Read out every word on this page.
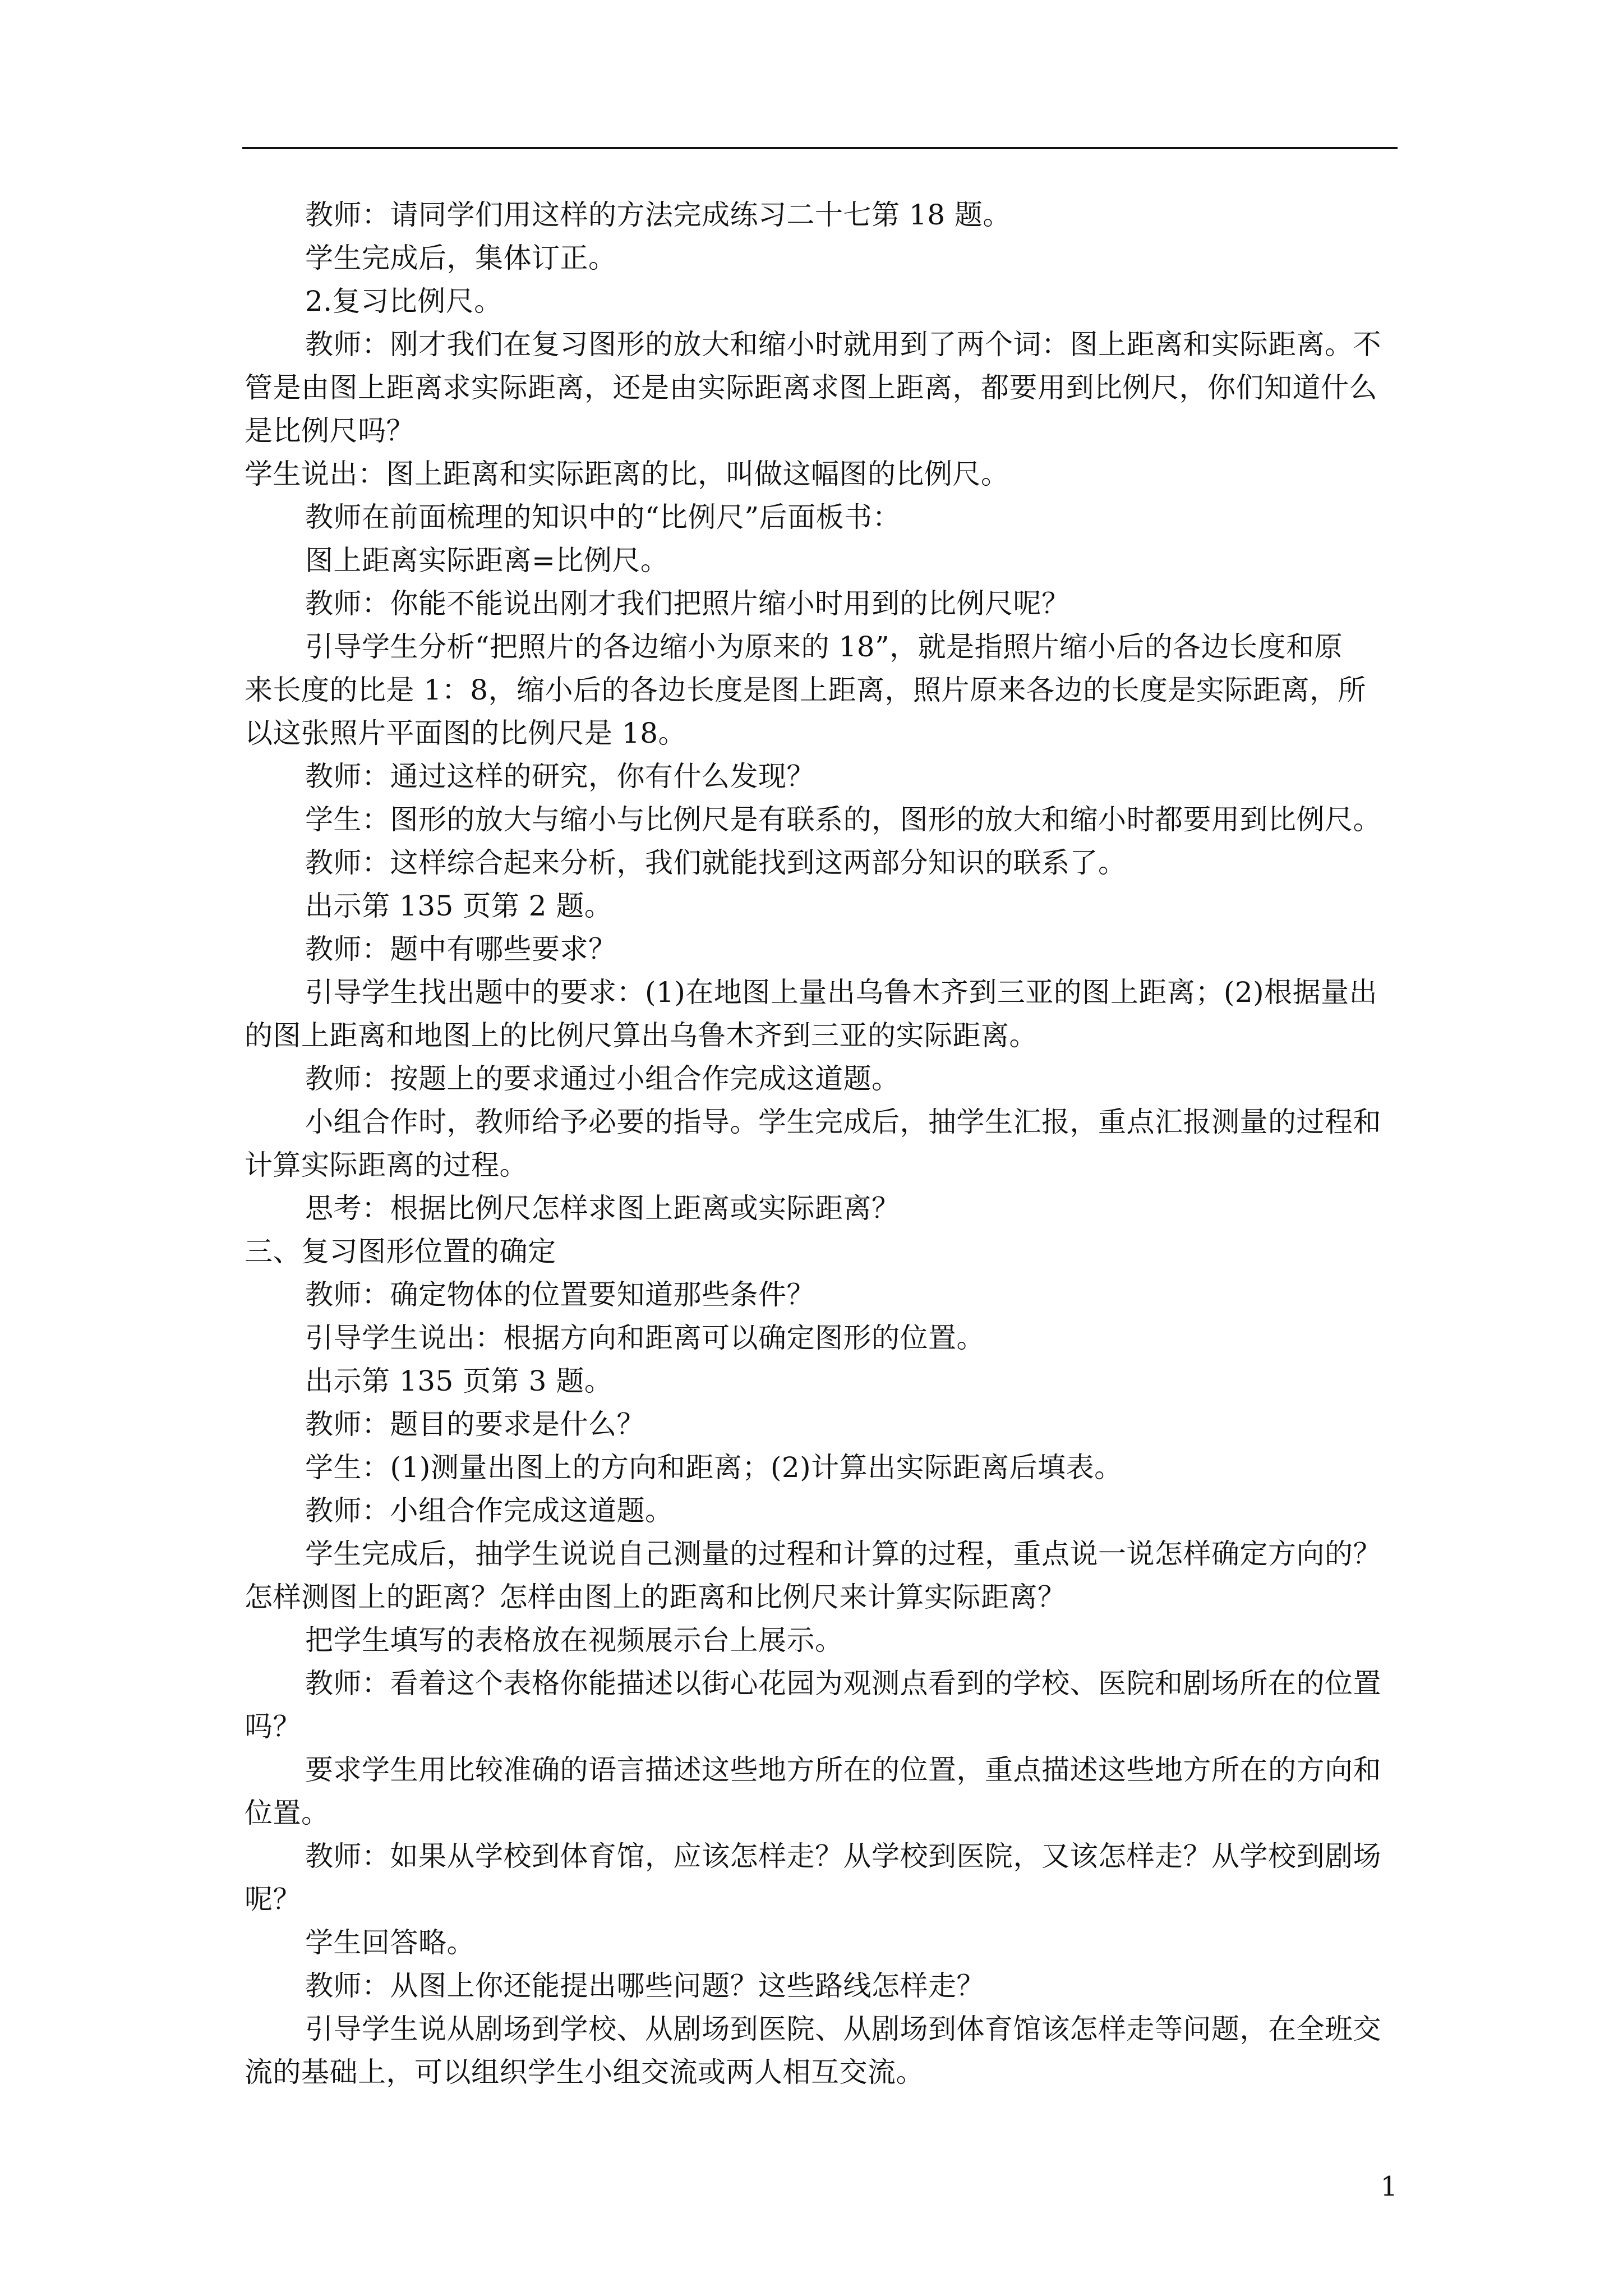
教师：请同学们用这样的方法完成练习二十七第 18 题。
学生完成后，集体订正。
2.复习比例尺。
教师：刚才我们在复习图形的放大和缩小时就用到了两个词：图上距离和实际距离。不
管是由图上距离求实际距离，还是由实际距离求图上距离，都要用到比例尺，你们知道什么
是比例尺吗？
学生说出：图上距离和实际距离的比，叫做这幅图的比例尺。
教师在前面梳理的知识中的“比例尺”后面板书：
图上距离实际距离=比例尺。
教师：你能不能说出刚才我们把照片缩小时用到的比例尺呢？
引导学生分析“把照片的各边缩小为原来的 18”，就是指照片缩小后的各边长度和原
来长度的比是 1：8，缩小后的各边长度是图上距离，照片原来各边的长度是实际距离，所
以这张照片平面图的比例尺是 18。
教师：通过这样的研究，你有什么发现？
学生：图形的放大与缩小与比例尺是有联系的，图形的放大和缩小时都要用到比例尺。
教师：这样综合起来分析，我们就能找到这两部分知识的联系了。
出示第 135 页第 2 题。
教师：题中有哪些要求？
引导学生找出题中的要求：(1)在地图上量出乌鲁木齐到三亚的图上距离；(2)根据量出
的图上距离和地图上的比例尺算出乌鲁木齐到三亚的实际距离。
教师：按题上的要求通过小组合作完成这道题。
小组合作时，教师给予必要的指导。学生完成后，抽学生汇报，重点汇报测量的过程和
计算实际距离的过程。
思考：根据比例尺怎样求图上距离或实际距离？
三、复习图形位置的确定
教师：确定物体的位置要知道那些条件？
引导学生说出：根据方向和距离可以确定图形的位置。
出示第 135 页第 3 题。
教师：题目的要求是什么？
学生：(1)测量出图上的方向和距离；(2)计算出实际距离后填表。
教师：小组合作完成这道题。
学生完成后，抽学生说说自己测量的过程和计算的过程，重点说一说怎样确定方向的？
怎样测图上的距离？怎样由图上的距离和比例尺来计算实际距离？
把学生填写的表格放在视频展示台上展示。
教师：看着这个表格你能描述以街心花园为观测点看到的学校、医院和剧场所在的位置
吗？
要求学生用比较准确的语言描述这些地方所在的位置，重点描述这些地方所在的方向和
位置。
教师：如果从学校到体育馆，应该怎样走？从学校到医院，又该怎样走？从学校到剧场
呢？
学生回答略。
教师：从图上你还能提出哪些问题？这些路线怎样走？
引导学生说从剧场到学校、从剧场到医院、从剧场到体育馆该怎样走等问题，在全班交
流的基础上，可以组织学生小组交流或两人相互交流。
1
